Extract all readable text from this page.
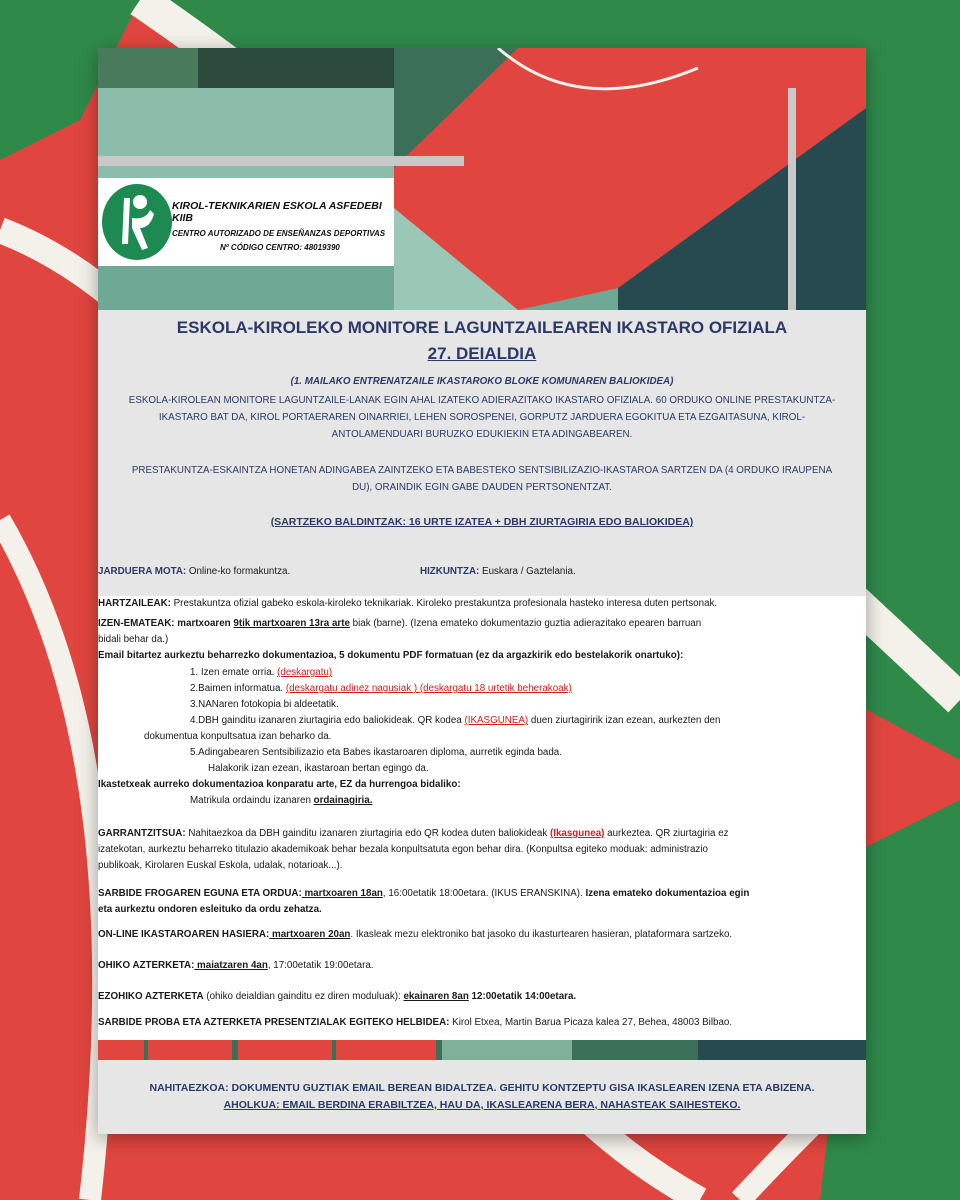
KIROL-TEKNIKARIEN ESKOLA ASFEDEBI KIIB
CENTRO AUTORIZADO DE ENSEÑANZAS DEPORTIVAS
Nº CÓDIGO CENTRO: 48019390
ESKOLA-KIROLEKO MONITORE LAGUNTZAILEAREN IKASTARO OFIZIALA
27. DEIALDIA
(1. MAILAKO ENTRENATZAILE IKASTAROKO BLOKE KOMUNAREN BALIOKIDEA)
ESKOLA-KIROLEAN MONITORE LAGUNTZAILE-LANAK EGIN AHAL IZATEKO ADIERAZITAKO IKASTARO OFIZIALA. 60 ORDUKO ONLINE PRESTAKUNTZA-IKASTARO BAT DA, KIROL PORTAERAREN OINARRIEI, LEHEN SOROSPENEI, GORPUTZ JARDUERA EGOKITUA ETA EZGAITASUNA, KIROL-ANTOLAMENDUARI BURUZKO EDUKIEKIN ETA ADINGABEAREN.
PRESTAKUNTZA-ESKAINTZA HONETAN ADINGABEA ZAINTZEKO ETA BABESTEKO SENTSIBILIZAZIO-IKASTAROA SARTZEN DA (4 ORDUKO IRAUPENA DU), ORAINDIK EGIN GABE DAUDEN PERTSONENTZAT.
(SARTZEKO BALDINTZAK: 16 URTE IZATEA + DBH ZIURTAGIRIA EDO BALIOKIDEA)
JARDUERA MOTA: Online-ko formakuntza.	HIZKUNTZA: Euskara / Gaztelania.
HARTZAILEAK: Prestakuntza ofizial gabeko eskola-kiroleko teknikariak. Kiroleko prestakuntza profesionala hasteko interesa duten pertsonak.
IZEN-EMATEAK: martxoaren 9tik martxoaren 13ra arte biak (barne). (Izena emateko dokumentazio guztia adierazitako epearen barruan
bidali behar da.)
Email bitartez aurkeztu beharrezko dokumentazioa, 5 dokumentu PDF formatuan (ez da argazkirik edo bestelakorik onartuko):
1. Izen emate orria. (deskargatu)
2.Baimen informatua. (deskargatu adinez nagusiak ) (deskargatu 18 urtetik beherakoak)
3.NANaren fotokopia bi aldeetatik.
4.DBH gainditu izanaren ziurtagiria edo baliokideak. QR kodea (IKASGUNEA) duen ziurtagiririk izan ezean, aurkezten den
dokumentua konpultsatua izan beharko da.
5.Adingabearen Sentsibilizazio eta Babes ikastaroaren diploma, aurretik eginda bada.
Halakorik izan ezean, ikastaroan bertan egingo da.
Ikastetxeak aurreko dokumentazioa konparatu arte, EZ da hurrengoa bidaliko:
Matrikula ordaindu izanaren ordainagiria.
GARRANTZITSUA: Nahitaezkoa da DBH gainditu izanaren ziurtagiria edo QR kodea duten baliokideak (Ikasgunea) aurkeztea. QR ziurtagiria ez
izatekotan, aurkeztu beharreko titulazio akademikoak behar bezala konpultsatuta egon behar dira. (Konpultsa egiteko moduak: administrazio
publikoak, Kirolaren Euskal Eskola, udalak, notarioak...).
SARBIDE FROGAREN EGUNA ETA ORDUA: martxoaren 18an, 16:00etatik 18:00etara. (IKUS ERANSKINA). Izena emateko dokumentazioa egin
eta aurkeztu ondoren esleituko da ordu zehatza.
ON-LINE IKASTAROAREN HASIERA: martxoaren 20an. Ikasleak mezu elektroniko bat jasoko du ikasturtearen hasieran, plataformara sartzeko.
OHIKO AZTERKETA: maiatzaren 4an, 17:00etatik 19:00etara.
EZOHIKO AZTERKETA (ohiko deialdian gainditu ez diren moduluak): ekainaren 8an 12:00etatik 14:00etara.
SARBIDE PROBA ETA AZTERKETA PRESENTZIALAK EGITEKO HELBIDEA: Kirol Etxea, Martin Barua Picaza kalea 27, Behea, 48003 Bilbao.
NAHITAEZKOA: DOKUMENTU GUZTIAK EMAIL BEREAN BIDALTZEA. GEHITU KONTZEPTU GISA IKASLEAREN IZENA ETA ABIZENA.
AHOLKUA: EMAIL BERDINA ERABILTZEA, HAU DA, IKASLEARENA BERA, NAHASTEAK SAIHESTEKO.
